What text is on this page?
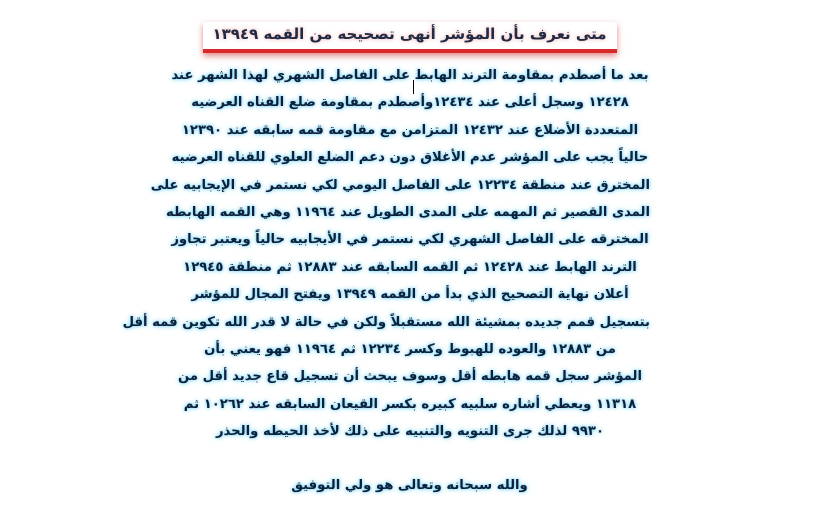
متى نعرف بأن المؤشر أنهى تصحيحه من القمه ١٣٩٤٩
بعد ما أصطدم بمقاومة الترند الهابط على الفاصل الشهري لهذا الشهر عند
١٢٤٢٨ وسجل أعلى عند ١٢٤٣٤وأصطدم بمقاومة ضلع القناه العرضيه
المتعددة الأضلاع عند ١٢٤٣٢ المتزامن مع مقاومة قمه سابقه عند ١٢٣٩٠
حالياً يجب على المؤشر عدم الأغلاق دون دعم الضلع العلوي للقناه العرضيه
المخترق عند منطقة ١٢٢٣٤ على الفاصل اليومي لكي نستمر في الإيجابيه على
المدى القصير ثم المهمه على المدى الطويل عند ١١٩٦٤ وهي القمه الهابطه
المخترقه على الفاصل الشهري لكي نستمر في الأيجابيه حالياً ويعتبر تجاوز
الترند الهابط عند ١٢٤٢٨ ثم القمه السابقه عند ١٢٨٨٣ ثم منطقة ١٢٩٤٥
أعلان نهاية التصحيح الذي بدأ من القمه ١٣٩٤٩ ويفتح المجال للمؤشر
بتسجيل قمم جديده بمشيئة الله مستقبلاً ولكن في حالة لا قدر الله تكوين قمه أقل
من ١٢٨٨٣ والعوده للهبوط وكسر ١٢٢٣٤ ثم ١١٩٦٤ فهو يعني بأن
المؤشر سجل قمه هابطه أقل وسوف يبحث أن تسجيل قاع جديد أقل من
١١٣١٨ ويعطي أشاره سلبيه كبيره بكسر القيعان السابقه عند ١٠٢٦٢ ثم
٩٩٣٠ لذلك جرى التنويه والتنبيه على ذلك لأخذ الحيطه والحذر
والله سبحانه وتعالى هو ولي التوفيق
